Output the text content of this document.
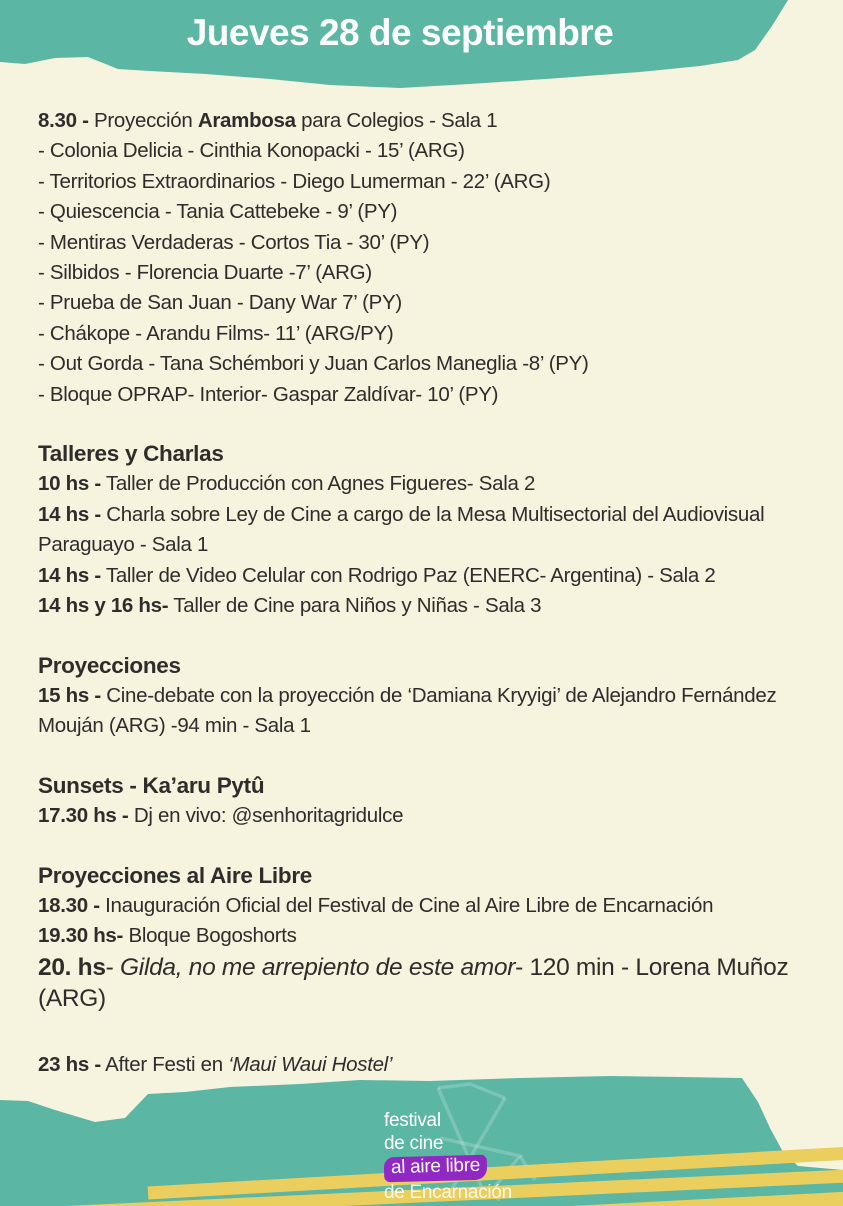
Jueves 28 de septiembre

8.30 - Proyección Arambosa para Colegios - Sala 1

- Colonia Delicia - Cinthia Konopacki - 15’ (ARG)

- Territorios Extraordinarios - Diego Lumerman - 22’ (ARG)

- Quiescencia - Tania Cattebeke - 9’ (PY)

- Mentiras Verdaderas - Cortos Tia - 30’ (PY)

- Silbidos - Florencia Duarte -7’ (ARG)

- Prueba de San Juan - Dany War 7’ (PY)

- Chákope - Arandu Films- 11’ (ARG/PY)

- Out Gorda - Tana Schémbori y Juan Carlos Maneglia -8’ (PY)

- Bloque OPRAP- Interior- Gaspar Zaldívar- 10’ (PY)

Talleres y Charlas

10 hs - Taller de Producción con Agnes Figueres- Sala 2

14 hs - Charla sobre Ley de Cine a cargo de la Mesa Multisectorial del Audiovisual Paraguayo - Sala 1

14 hs - Taller de Video Celular con Rodrigo Paz (ENERC- Argentina) - Sala 2

14 hs y 16 hs- Taller de Cine para Niños y Niñas - Sala 3

Proyecciones

15 hs - Cine-debate con la proyección de ‘Damiana Kryyigi’ de Alejandro Fernández Mouján (ARG) -94 min - Sala 1

Sunsets - Ka’aru Pytû

17.30 hs - Dj en vivo: @senhoritagridulce

Proyecciones al Aire Libre

18.30 - Inauguración Oficial del Festival de Cine al Aire Libre de Encarnación

19.30 hs- Bloque Bogoshorts

20. hs- Gilda, no me arrepiento de este amor- 120 min - Lorena Muñoz

(ARG)

23 hs - After Festi en ‘Maui Waui Hostel’

festival
de cine
al aire libre
de Encarnación
